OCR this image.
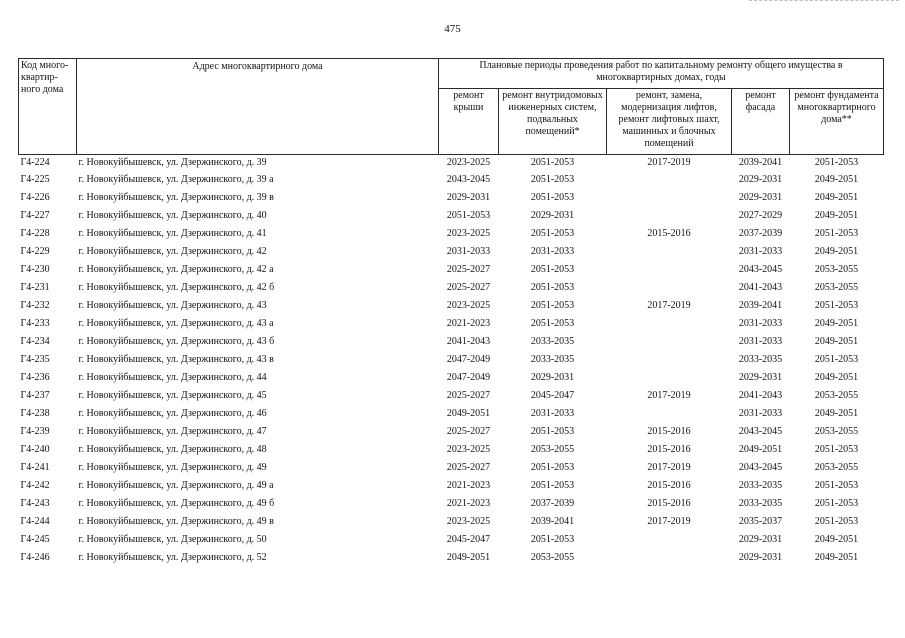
475
Код много-квартир-ного дома	Адрес многоквартирного дома	Плановые периоды проведения работ по капитальному ремонту общего имущества в многоквартирных домах, годы				
		ремонт крыши	ремонт внутридомовых инженерных систем, подвальных помещений*	ремонт, замена, модернизация лифтов, ремонт лифтовых шахт, машинных и блочных помещений	ремонт фасада	ремонт фундамента многоквартирного дома**
Г4-224	г. Новокуйбышевск, ул. Дзержинского, д. 39	2023-2025	2051-2053	2017-2019	2039-2041	2051-2053
Г4-225	г. Новокуйбышевск, ул. Дзержинского, д. 39 а	2043-2045	2051-2053		2029-2031	2049-2051
Г4-226	г. Новокуйбышевск, ул. Дзержинского, д. 39 в	2029-2031	2051-2053		2029-2031	2049-2051
Г4-227	г. Новокуйбышевск, ул. Дзержинского, д. 40	2051-2053	2029-2031		2027-2029	2049-2051
Г4-228	г. Новокуйбышевск, ул. Дзержинского, д. 41	2023-2025	2051-2053	2015-2016	2037-2039	2051-2053
Г4-229	г. Новокуйбышевск, ул. Дзержинского, д. 42	2031-2033	2031-2033		2031-2033	2049-2051
Г4-230	г. Новокуйбышевск, ул. Дзержинского, д. 42 а	2025-2027	2051-2053		2043-2045	2053-2055
Г4-231	г. Новокуйбышевск, ул. Дзержинского, д. 42 б	2025-2027	2051-2053		2041-2043	2053-2055
Г4-232	г. Новокуйбышевск, ул. Дзержинского, д. 43	2023-2025	2051-2053	2017-2019	2039-2041	2051-2053
Г4-233	г. Новокуйбышевск, ул. Дзержинского, д. 43 а	2021-2023	2051-2053		2031-2033	2049-2051
Г4-234	г. Новокуйбышевск, ул. Дзержинского, д. 43 б	2041-2043	2033-2035		2031-2033	2049-2051
Г4-235	г. Новокуйбышевск, ул. Дзержинского, д. 43 в	2047-2049	2033-2035		2033-2035	2051-2053
Г4-236	г. Новокуйбышевск, ул. Дзержинского, д. 44	2047-2049	2029-2031		2029-2031	2049-2051
Г4-237	г. Новокуйбышевск, ул. Дзержинского, д. 45	2025-2027	2045-2047	2017-2019	2041-2043	2053-2055
Г4-238	г. Новокуйбышевск, ул. Дзержинского, д. 46	2049-2051	2031-2033		2031-2033	2049-2051
Г4-239	г. Новокуйбышевск, ул. Дзержинского, д. 47	2025-2027	2051-2053	2015-2016	2043-2045	2053-2055
Г4-240	г. Новокуйбышевск, ул. Дзержинского, д. 48	2023-2025	2053-2055	2015-2016	2049-2051	2051-2053
Г4-241	г. Новокуйбышевск, ул. Дзержинского, д. 49	2025-2027	2051-2053	2017-2019	2043-2045	2053-2055
Г4-242	г. Новокуйбышевск, ул. Дзержинского, д. 49 а	2021-2023	2051-2053	2015-2016	2033-2035	2051-2053
Г4-243	г. Новокуйбышевск, ул. Дзержинского, д. 49 б	2021-2023	2037-2039	2015-2016	2033-2035	2051-2053
Г4-244	г. Новокуйбышевск, ул. Дзержинского, д. 49 в	2023-2025	2039-2041	2017-2019	2035-2037	2051-2053
Г4-245	г. Новокуйбышевск, ул. Дзержинского, д. 50	2045-2047	2051-2053		2029-2031	2049-2051
Г4-246	г. Новокуйбышевск, ул. Дзержинского, д. 52	2049-2051	2053-2055		2029-2031	2049-2051
